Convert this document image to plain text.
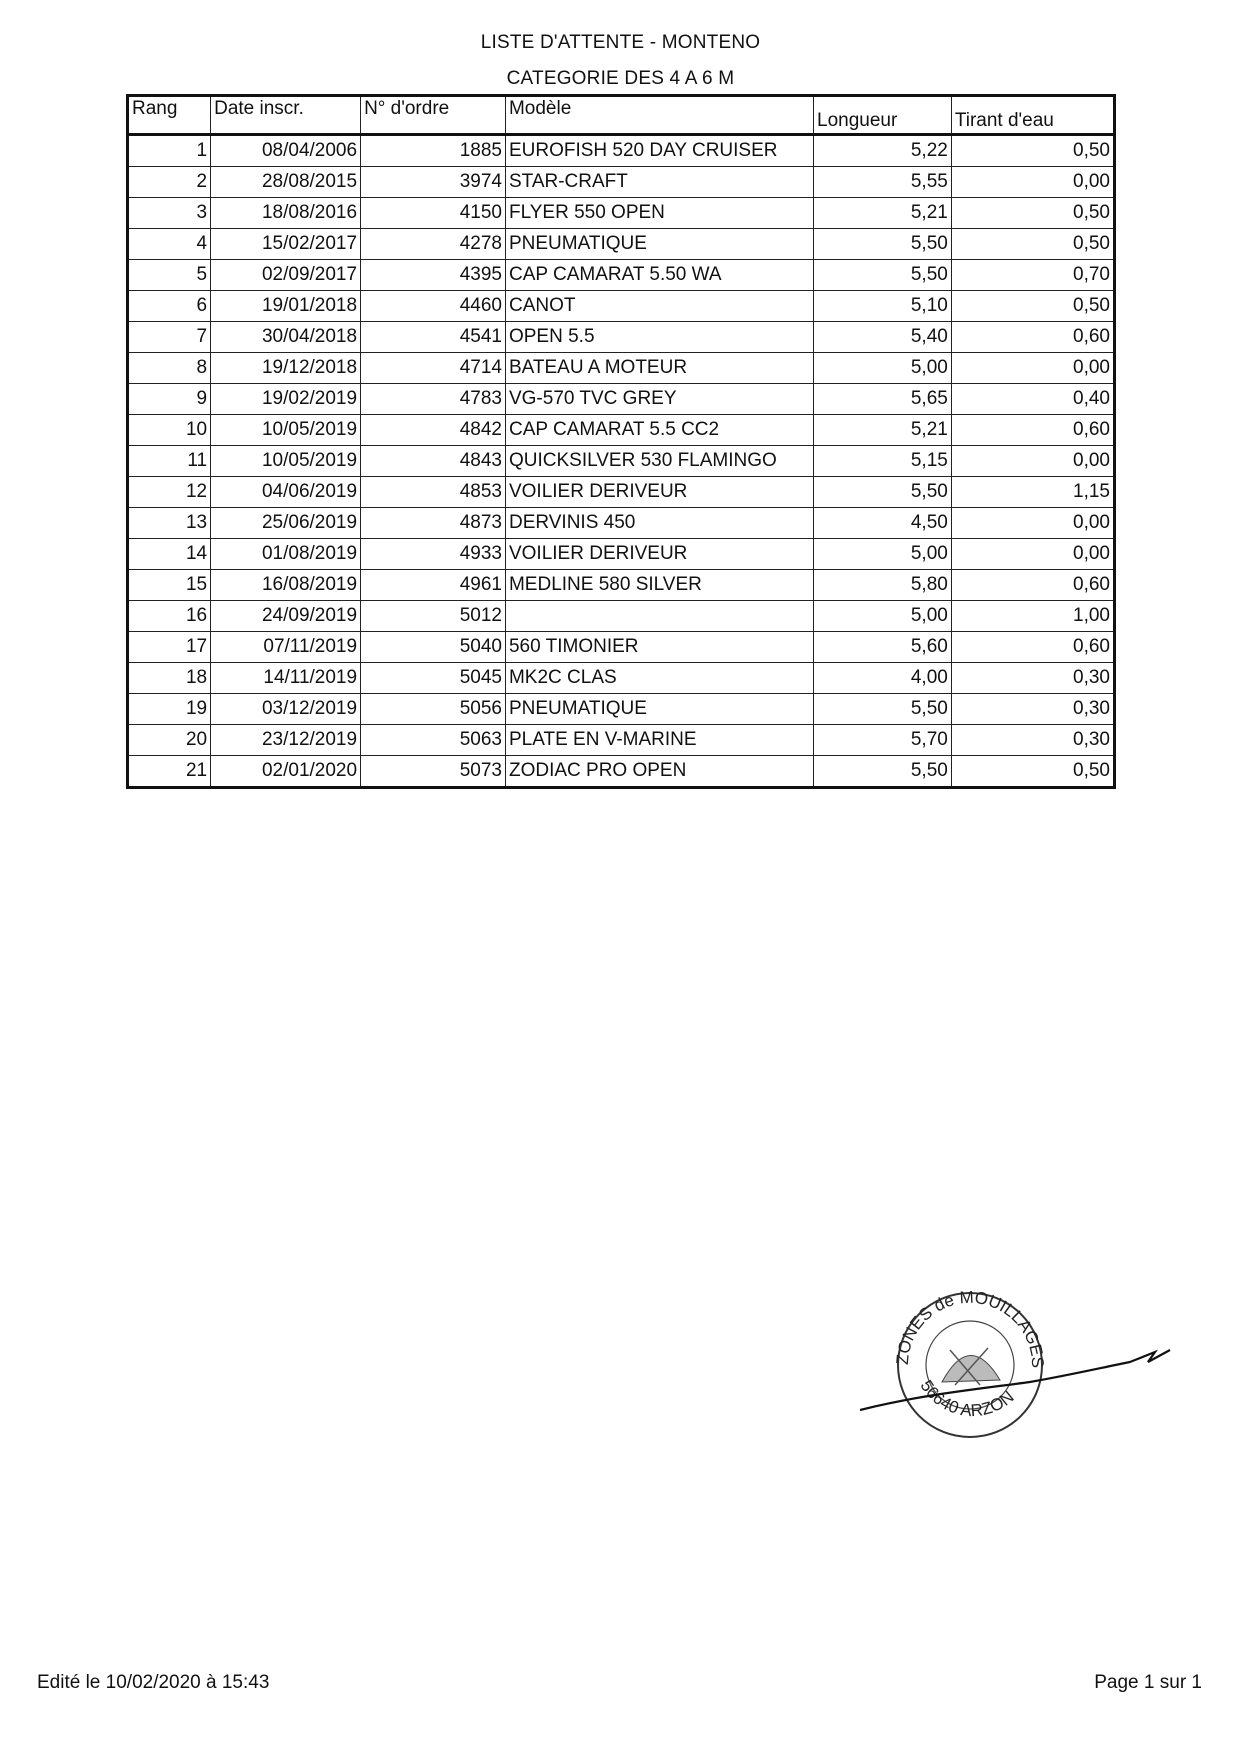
LISTE D'ATTENTE - MONTENO
CATEGORIE DES 4 A 6 M
Rang	Date inscr.	N° d'ordre	Modèle	Longueur	Tirant d'eau
1	08/04/2006	1885	EUROFISH 520 DAY CRUISER	5,22	0,50
2	28/08/2015	3974	STAR-CRAFT	5,55	0,00
3	18/08/2016	4150	FLYER 550 OPEN	5,21	0,50
4	15/02/2017	4278	PNEUMATIQUE	5,50	0,50
5	02/09/2017	4395	CAP CAMARAT 5.50 WA	5,50	0,70
6	19/01/2018	4460	CANOT	5,10	0,50
7	30/04/2018	4541	OPEN 5.5	5,40	0,60
8	19/12/2018	4714	BATEAU A MOTEUR	5,00	0,00
9	19/02/2019	4783	VG-570 TVC GREY	5,65	0,40
10	10/05/2019	4842	CAP CAMARAT 5.5 CC2	5,21	0,60
11	10/05/2019	4843	QUICKSILVER 530 FLAMINGO	5,15	0,00
12	04/06/2019	4853	VOILIER DERIVEUR	5,50	1,15
13	25/06/2019	4873	DERVINIS 450	4,50	0,00
14	01/08/2019	4933	VOILIER DERIVEUR	5,00	0,00
15	16/08/2019	4961	MEDLINE 580 SILVER	5,80	0,60
16	24/09/2019	5012		5,00	1,00
17	07/11/2019	5040	560 TIMONIER	5,60	0,60
18	14/11/2019	5045	MK2C CLAS	4,00	0,30
19	03/12/2019	5056	PNEUMATIQUE	5,50	0,30
20	23/12/2019	5063	PLATE EN V-MARINE	5,70	0,30
21	02/01/2020	5073	ZODIAC PRO OPEN	5,50	0,50
ZONES de MOUILLAGES
56640 ARZON
Edité le 10/02/2020 à 15:43	Page 1 sur 1
